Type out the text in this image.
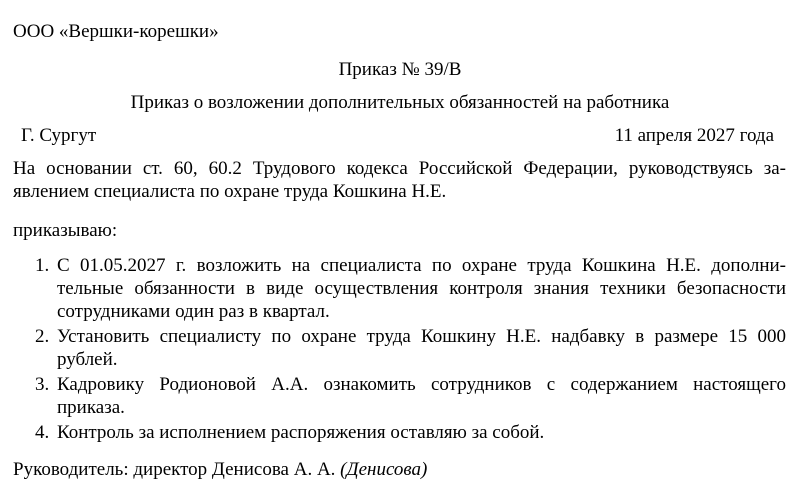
ООО «Вершки-корешки»
Приказ № 39/В
Приказ о возложении дополнительных обязанностей на работника
Г. Сургут	11 апреля 2027 года
На основании ст. 60, 60.2 Трудового кодекса Российской Федерации, руководствуясь за-
явлением специалиста по охране труда Кошкина Н.Е.
приказываю:
1. С 01.05.2027 г. возложить на специалиста по охране труда Кошкина Н.Е. дополни-
тельные обязанности в виде осуществления контроля знания техники безопасности
сотрудниками один раз в квартал.
2. Установить специалисту по охране труда Кошкину Н.Е. надбавку в размере 15 000
рублей.
3. Кадровику Родионовой А.А. ознакомить сотрудников с содержанием настоящего
приказа.
4. Контроль за исполнением распоряжения оставляю за собой.
Руководитель: директор Денисова А. А. (Денисова)
